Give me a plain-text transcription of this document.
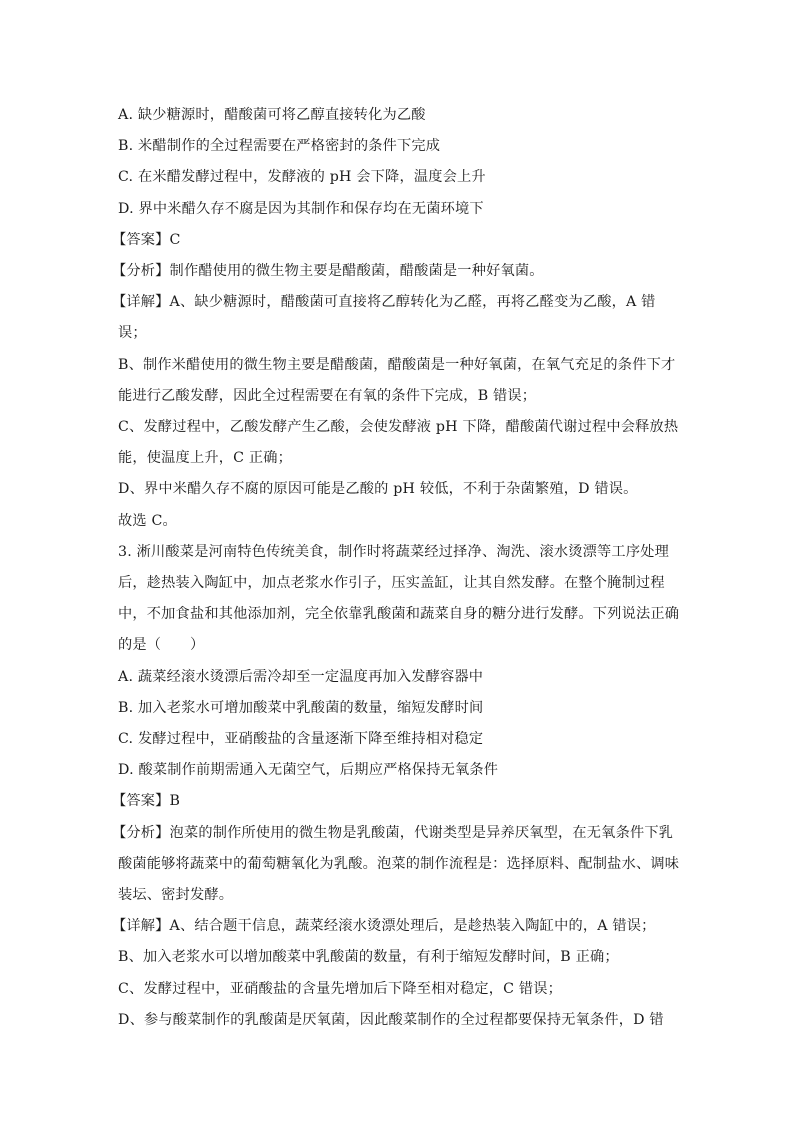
A. 缺少糖源时，醋酸菌可将乙醇直接转化为乙酸
B. 米醋制作的全过程需要在严格密封的条件下完成
C. 在米醋发酵过程中，发酵液的 pH 会下降，温度会上升
D. 界中米醋久存不腐是因为其制作和保存均在无菌环境下
【答案】C
【分析】制作醋使用的微生物主要是醋酸菌，醋酸菌是一种好氧菌。
【详解】A、缺少糖源时，醋酸菌可直接将乙醇转化为乙醛，再将乙醛变为乙酸，A 错
误；
B、制作米醋使用的微生物主要是醋酸菌，醋酸菌是一种好氧菌，在氧气充足的条件下才
能进行乙酸发酵，因此全过程需要在有氧的条件下完成，B 错误；
C、发酵过程中，乙酸发酵产生乙酸，会使发酵液 pH 下降，醋酸菌代谢过程中会释放热
能，使温度上升，C 正确；
D、界中米醋久存不腐的原因可能是乙酸的 pH 较低，不利于杂菌繁殖，D 错误。
故选 C。
3. 淅川酸菜是河南特色传统美食，制作时将蔬菜经过择净、淘洗、滚水烫漂等工序处理
后，趁热装入陶缸中，加点老浆水作引子，压实盖缸，让其自然发酵。在整个腌制过程
中，不加食盐和其他添加剂，完全依靠乳酸菌和蔬菜自身的糖分进行发酵。下列说法正确
的是（　　）
A. 蔬菜经滚水烫漂后需冷却至一定温度再加入发酵容器中
B. 加入老浆水可增加酸菜中乳酸菌的数量，缩短发酵时间
C. 发酵过程中，亚硝酸盐的含量逐渐下降至维持相对稳定
D. 酸菜制作前期需通入无菌空气，后期应严格保持无氧条件
【答案】B
【分析】泡菜的制作所使用的微生物是乳酸菌，代谢类型是异养厌氧型，在无氧条件下乳
酸菌能够将蔬菜中的葡萄糖氧化为乳酸。泡菜的制作流程是：选择原料、配制盐水、调味
装坛、密封发酵。
【详解】A、结合题干信息，蔬菜经滚水烫漂处理后，是趁热装入陶缸中的，A 错误；
B、加入老浆水可以增加酸菜中乳酸菌的数量，有利于缩短发酵时间，B 正确；
C、发酵过程中，亚硝酸盐的含量先增加后下降至相对稳定，C 错误；
D、参与酸菜制作的乳酸菌是厌氧菌，因此酸菜制作的全过程都要保持无氧条件，D 错
